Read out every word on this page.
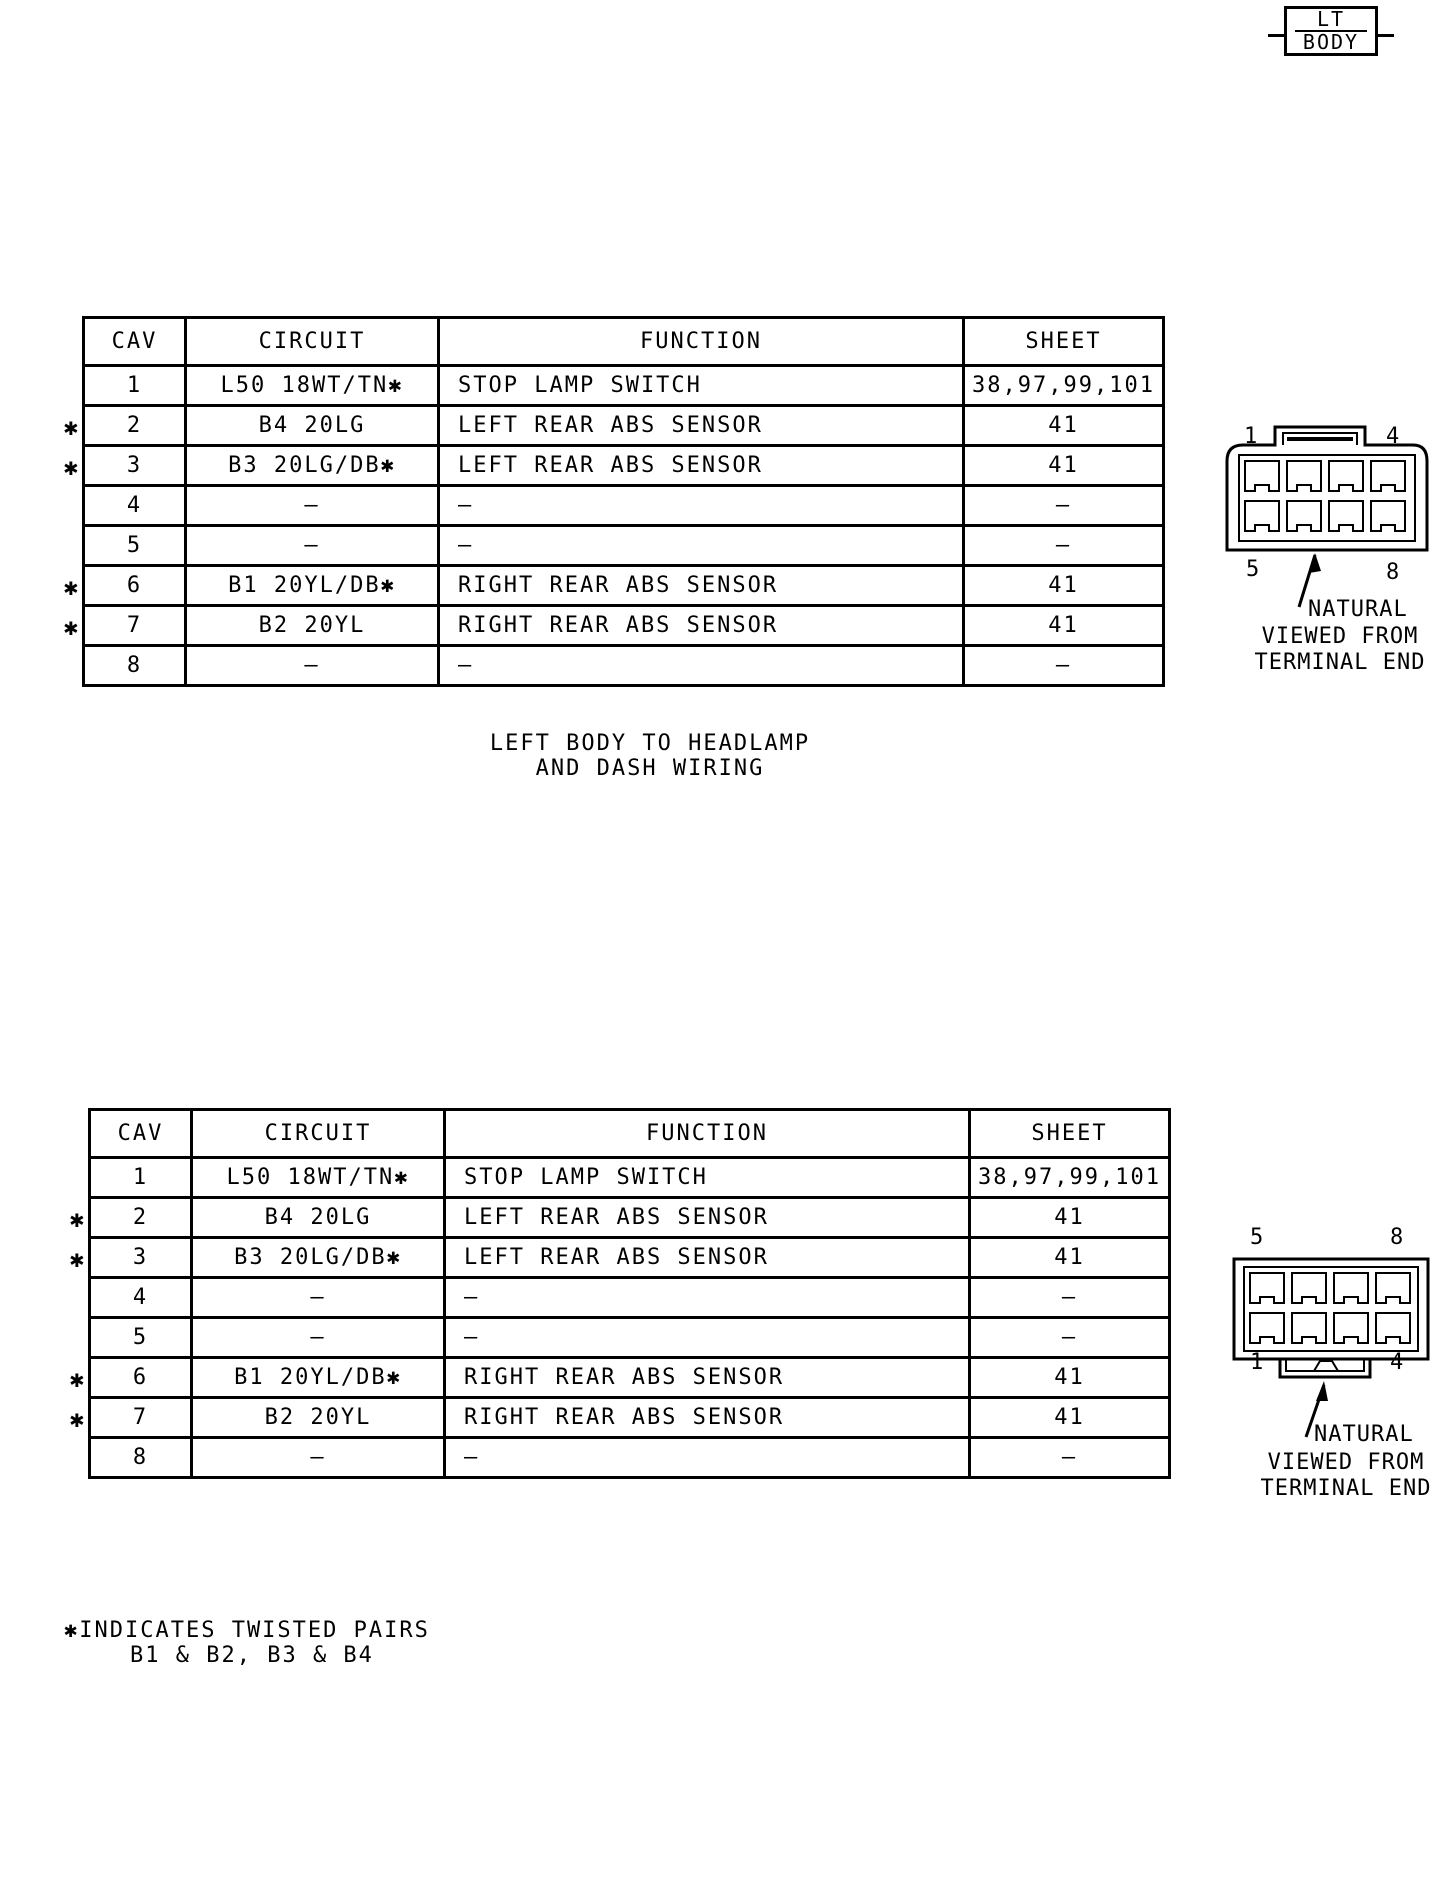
LT
BODY
CAV	CIRCUIT	FUNCTION	SHEET

1	L50 18WT/TN✱	STOP LAMP SWITCH	38,97,99,101

✱ 2	B4 20LG	LEFT REAR ABS SENSOR	41

✱ 3	B3 20LG/DB✱	LEFT REAR ABS SENSOR	41

4	—	—	—

5	—	—	—

✱ 6	B1 20YL/DB✱	RIGHT REAR ABS SENSOR	41

✱ 7	B2 20YL	RIGHT REAR ABS SENSOR	41

8	—	—	—
LEFT BODY TO HEADLAMP
AND DASH WIRING
1	4
5	8
NATURAL
VIEWED FROM
TERMINAL END
CAV	CIRCUIT	FUNCTION	SHEET

1	L50 18WT/TN✱	STOP LAMP SWITCH	38,97,99,101

✱ 2	B4 20LG	LEFT REAR ABS SENSOR	41

✱ 3	B3 20LG/DB✱	LEFT REAR ABS SENSOR	41

4	—	—	—

5	—	—	—

✱ 6	B1 20YL/DB✱	RIGHT REAR ABS SENSOR	41

✱ 7	B2 20YL	RIGHT REAR ABS SENSOR	41

8	—	—	—
5	8
1	4
NATURAL
VIEWED FROM
TERMINAL END
✱INDICATES TWISTED PAIRS
B1 & B2, B3 & B4
